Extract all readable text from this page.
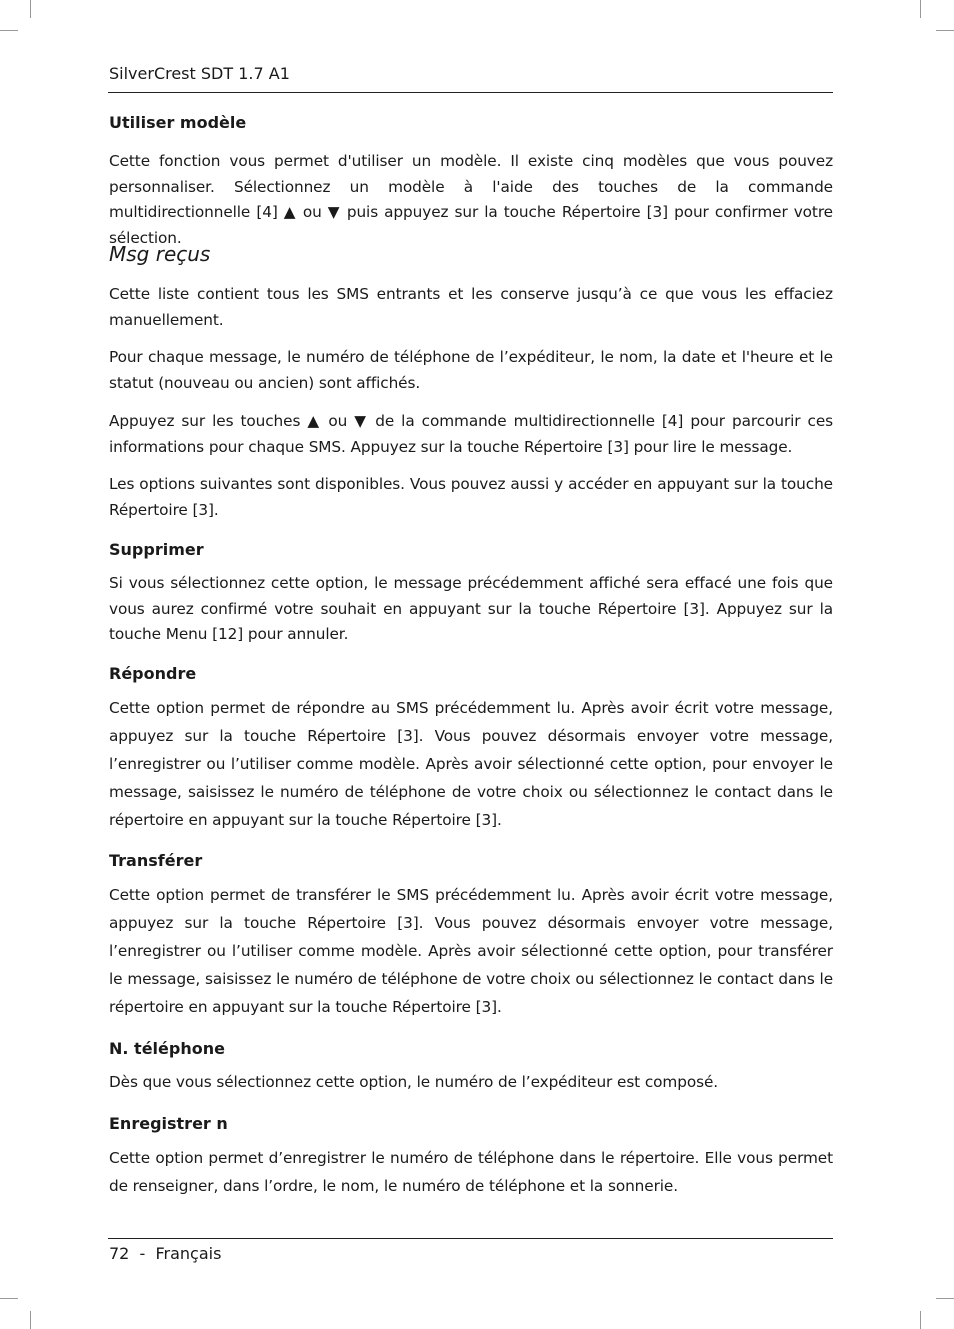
SilverCrest SDT 1.7 A1
Utiliser modèle

Cette fonction vous permet d'utiliser un modèle. Il existe cinq modèles que vous pouvez personnaliser. Sélectionnez un modèle à l'aide des touches de la commande multidirectionnelle [4] ▲ ou ▼ puis appuyez sur la touche Répertoire [3] pour confirmer votre sélection.

Msg reçus

Cette liste contient tous les SMS entrants et les conserve jusqu’à ce que vous les effaciez manuellement.

Pour chaque message, le numéro de téléphone de l’expéditeur, le nom, la date et l'heure et le statut (nouveau ou ancien) sont affichés.

Appuyez sur les touches ▲ ou ▼ de la commande multidirectionnelle [4] pour parcourir ces informations pour chaque SMS. Appuyez sur la touche Répertoire [3] pour lire le message.

Les options suivantes sont disponibles. Vous pouvez aussi y accéder en appuyant sur la touche Répertoire [3].

Supprimer

Si vous sélectionnez cette option, le message précédemment affiché sera effacé une fois que vous aurez confirmé votre souhait en appuyant sur la touche Répertoire [3]. Appuyez sur la touche Menu [12] pour annuler.

Répondre

Cette option permet de répondre au SMS précédemment lu. Après avoir écrit votre message, appuyez sur la touche Répertoire [3]. Vous pouvez désormais envoyer votre message, l’enregistrer ou l’utiliser comme modèle. Après avoir sélectionné cette option, pour envoyer le message, saisissez le numéro de téléphone de votre choix ou sélectionnez le contact dans le répertoire en appuyant sur la touche Répertoire [3].

Transférer

Cette option permet de transférer le SMS précédemment lu. Après avoir écrit votre message, appuyez sur la touche Répertoire [3]. Vous pouvez désormais envoyer votre message, l’enregistrer ou l’utiliser comme modèle. Après avoir sélectionné cette option, pour transférer le message, saisissez le numéro de téléphone de votre choix ou sélectionnez le contact dans le répertoire en appuyant sur la touche Répertoire [3].

N. téléphone

Dès que vous sélectionnez cette option, le numéro de l’expéditeur est composé.

Enregistrer n

Cette option permet d’enregistrer le numéro de téléphone dans le répertoire. Elle vous permet de renseigner, dans l’ordre, le nom, le numéro de téléphone et la sonnerie.

72  -  Français
